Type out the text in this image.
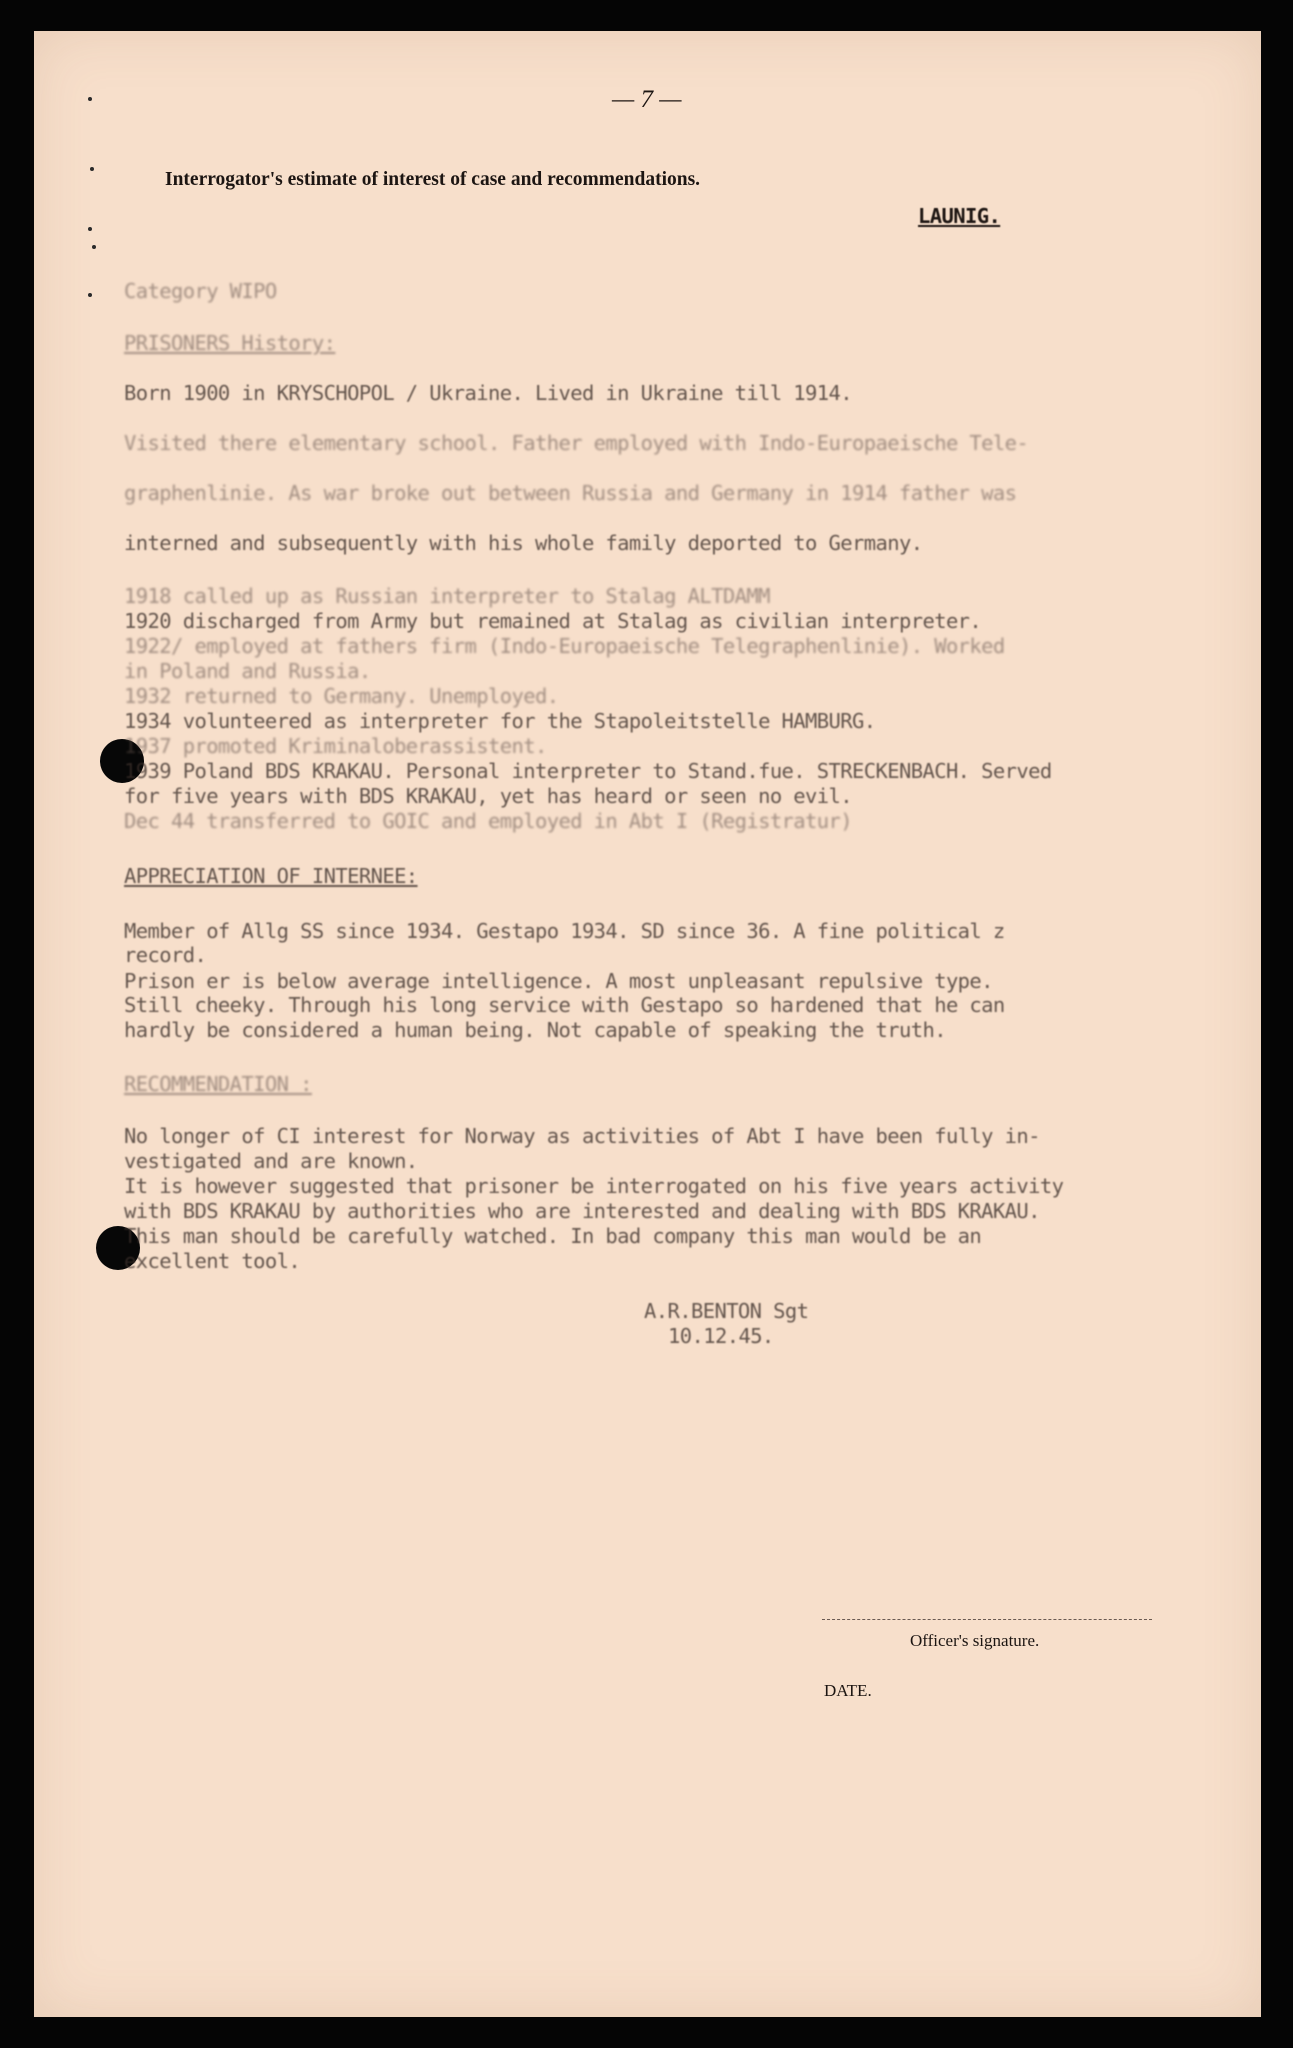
— 7 —
Interrogator's estimate of interest of case and recommendations.
LAUNIG.
Category WIPO
PRISONERS History:
Born 1900 in KRYSCHOPOL / Ukraine. Lived in Ukraine till 1914.
Visited there elementary school. Father employed with Indo-Europaeische Tele-
graphenlinie. As war broke out between Russia and Germany in 1914 father was
interned and subsequently with his whole family deported to Germany.
1918 called up as Russian interpreter to Stalag ALTDAMM
1920 discharged from Army but remained at Stalag as civilian interpreter.
1922/ employed at fathers firm (Indo-Europaeische Telegraphenlinie). Worked
in Poland and Russia.
1932 returned to Germany. Unemployed.
1934 volunteered as interpreter for the Stapoleitstelle HAMBURG.
1937 promoted Kriminaloberassistent.
1939 Poland BDS KRAKAU. Personal interpreter to Stand.fue. STRECKENBACH. Served
for five years with BDS KRAKAU, yet has heard or seen no evil.
Dec 44 transferred to GOIC and employed in Abt I (Registratur)
APPRECIATION OF INTERNEE:
Member of Allg SS since 1934. Gestapo 1934. SD since 36. A fine political z
record.
Prison er is below average intelligence. A most unpleasant repulsive type.
Still cheeky. Through his long service with Gestapo so hardened that he can
hardly be considered a human being. Not capable of speaking the truth.
RECOMMENDATION :
No longer of CI interest for Norway as activities of Abt I have been fully in-
vestigated and are known.
It is however suggested that prisoner be interrogated on his five years activity
with BDS KRAKAU by authorities who are interested and dealing with BDS KRAKAU.
This man should be carefully watched. In bad company this man would be an
excellent tool.
A.R.BENTON Sgt
10.12.45.
Officer's signature.
DATE.
